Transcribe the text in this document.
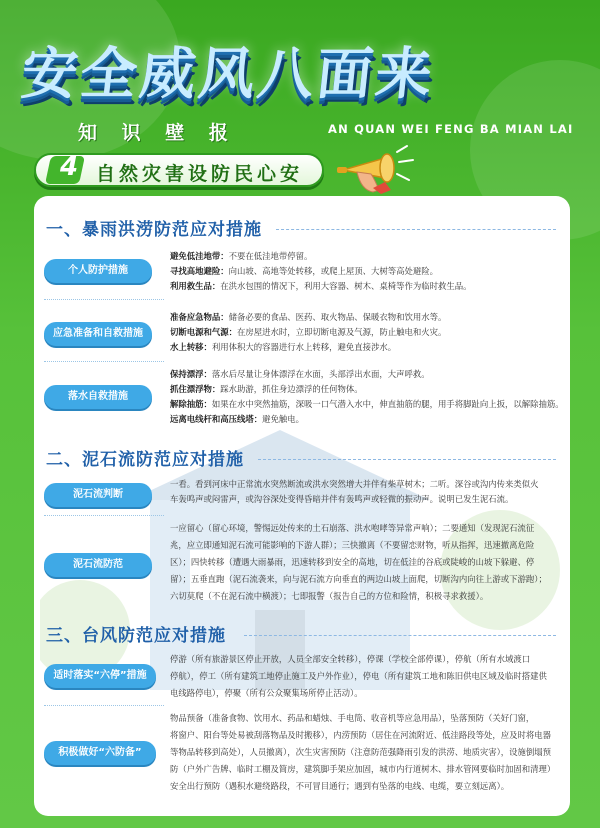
安全威风八面来
知 识 壁 报	AN QUAN WEI FENG BA MIAN LAI
4 自然灾害设防民心安
一、暴雨洪涝防范应对措施
个人防护措施
避免低洼地带：不要在低洼地带停留。
寻找高地避险：向山坡、高地等处转移，或爬上屋顶、大树等高处避险。
利用救生品：在洪水包围的情况下，利用大容器、树木、桌椅等作为临时救生品。
应急准备和自救措施
准备应急物品：储备必要的食品、医药、取火物品、保暖衣物和饮用水等。
切断电源和气源：在房屋进水时，立即切断电源及气源，防止触电和火灾。
水上转移：利用体积大的容器进行水上转移，避免直接涉水。
落水自救措施
保持漂浮：落水后尽量让身体漂浮在水面，头部浮出水面，大声呼救。
抓住漂浮物：踩水助游，抓住身边漂浮的任何物体。
解除抽筋：如果在水中突然抽筋，深吸一口气潜入水中，伸直抽筋的腿，用手将脚趾向上扳，以解除抽筋。
远离电线杆和高压线塔：避免触电。
二、泥石流防范应对措施
泥石流判断
一看。看到河床中正常流水突然断流或洪水突然增大并伴有柴草树木；二听。深谷或沟内传来类似火
车轰鸣声或闷雷声，或沟谷深处变得昏暗并伴有轰鸣声或轻微的振动声。说明已发生泥石流。
泥石流防范
一应留心（留心环境，警惕远处传来的土石崩落、洪水咆哮等异常声响）；二要通知（发现泥石流征
兆，应立即通知泥石流可能影响的下游人群）；三快撤离（不要留恋财物，听从指挥，迅速撤离危险
区）；四快转移（遭遇大雨暴雨，迅速转移到安全的高地，切在低洼的谷底或陡峻的山坡下躲避、停
留）；五垂直跑（泥石流袭来，向与泥石流方向垂直的两边山坡上面爬，切断沟内向往上游或下游跑）；
六切莫爬（不在泥石流中横渡）；七即报警（报告自己的方位和险情，积极寻求救援）。
三、台风防范应对措施
适时落实“六停”措施
停游（所有旅游景区停止开放，人员全部安全转移），停课（学校全部停课），停航（所有水域渡口
停航），停工（所有建筑工地停止施工及户外作业），停电（所有建筑工地和陈旧供电区域及临时搭建供
电线路停电），停聚（所有公众聚集场所停止活动）。
积极做好“六防备”
物品预备（准备食物、饮用水、药品和蜡烛、手电筒、收音机等应急用品），坠落预防（关好门窗，
将窗户、阳台等处易被刮落物品及时搬移），内涝预防（居住在河流附近、低洼路段等处，应及时将电器
等物品转移到高处），人员撤离），次生灾害预防（注意防范强降雨引发的洪涝、地质灾害），设施倒塌预
防（户外广告牌、临时工棚及简房，建筑脚手架应加固，城市内行道树木、排水管网要临时加固和清理）
安全出行预防（遇积水避绕路段，不可冒目通行；遇到有坠落的电线、电缆，要立刻远离）。
